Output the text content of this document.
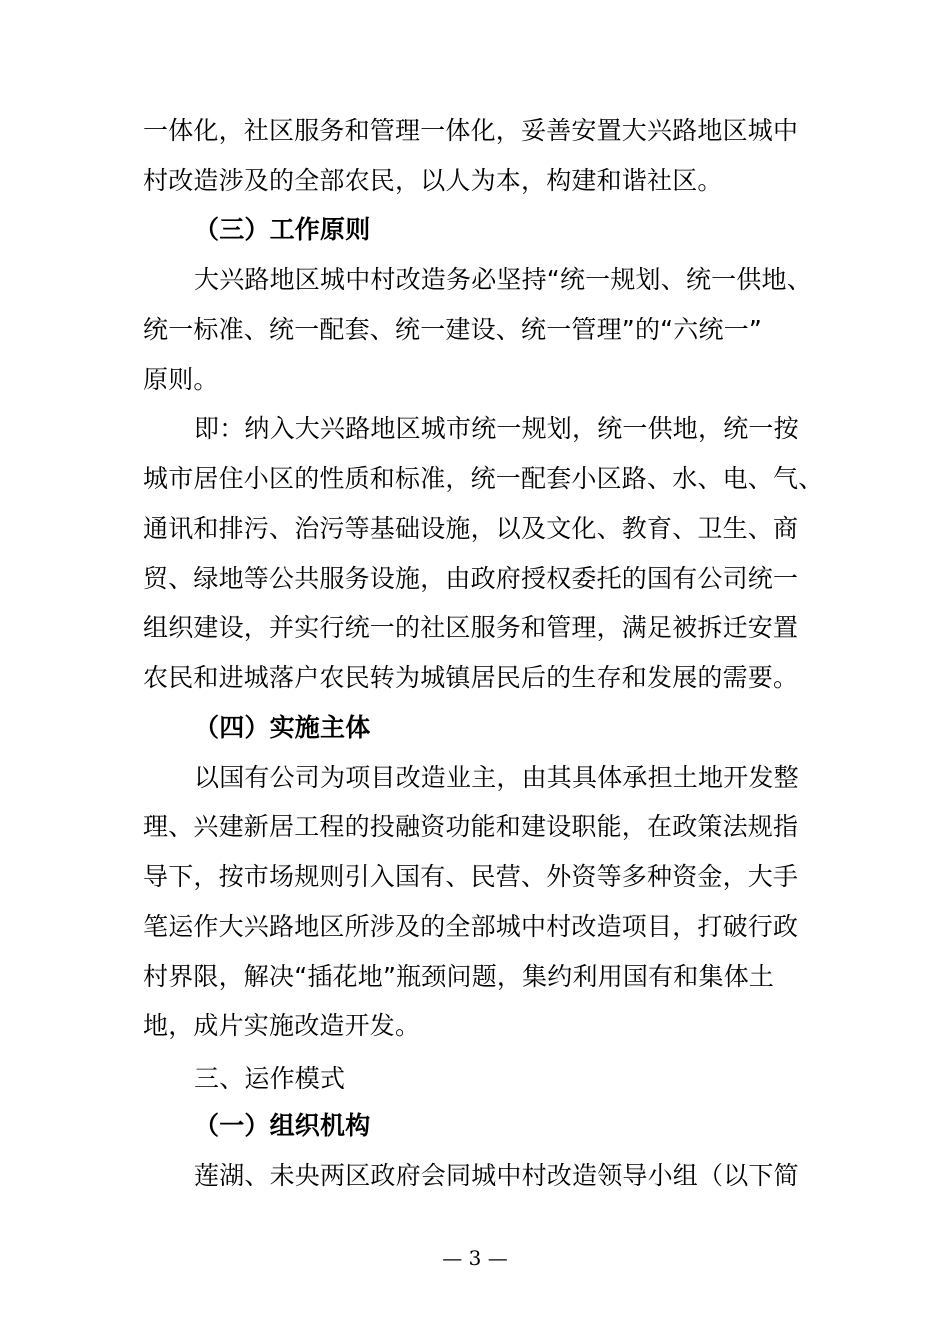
一体化，社区服务和管理一体化，妥善安置大兴路地区城中
村改造涉及的全部农民，以人为本，构建和谐社区。
（三）工作原则
大兴路地区城中村改造务必坚持“统一规划、统一供地、
统一标准、统一配套、统一建设、统一管理”的“六统一”
原则。
即：纳入大兴路地区城市统一规划，统一供地，统一按
城市居住小区的性质和标准，统一配套小区路、水、电、气、
通讯和排污、治污等基础设施，以及文化、教育、卫生、商
贸、绿地等公共服务设施，由政府授权委托的国有公司统一
组织建设，并实行统一的社区服务和管理，满足被拆迁安置
农民和进城落户农民转为城镇居民后的生存和发展的需要。
（四）实施主体
以国有公司为项目改造业主，由其具体承担土地开发整
理、兴建新居工程的投融资功能和建设职能，在政策法规指
导下，按市场规则引入国有、民营、外资等多种资金，大手
笔运作大兴路地区所涉及的全部城中村改造项目，打破行政
村界限，解决“插花地”瓶颈问题，集约利用国有和集体土
地，成片实施改造开发。
三、运作模式
（一）组织机构
莲湖、未央两区政府会同城中村改造领导小组（以下简
— 3 —
